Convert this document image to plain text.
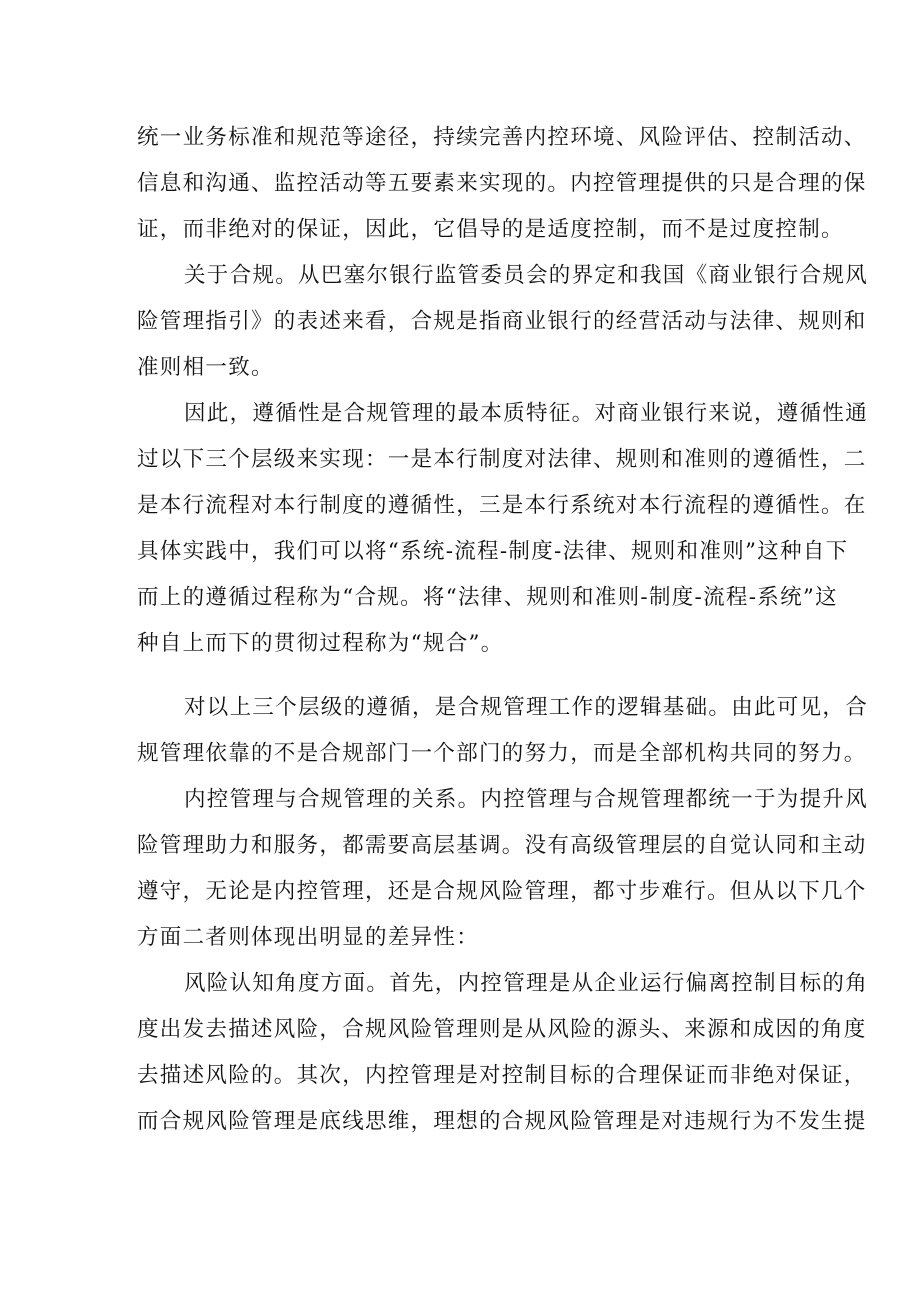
统一业务标准和规范等途径，持续完善内控环境、风险评估、控制活动、
信息和沟通、监控活动等五要素来实现的。内控管理提供的只是合理的保
证，而非绝对的保证，因此，它倡导的是适度控制，而不是过度控制。
关于合规。从巴塞尔银行监管委员会的界定和我国《商业银行合规风
险管理指引》的表述来看，合规是指商业银行的经营活动与法律、规则和
准则相一致。
因此，遵循性是合规管理的最本质特征。对商业银行来说，遵循性通
过以下三个层级来实现：一是本行制度对法律、规则和准则的遵循性，二
是本行流程对本行制度的遵循性，三是本行系统对本行流程的遵循性。在
具体实践中，我们可以将“系统-流程-制度-法律、规则和准则”这种自下
而上的遵循过程称为“合规。将“法律、规则和准则-制度-流程-系统”这
种自上而下的贯彻过程称为“规合”。
对以上三个层级的遵循，是合规管理工作的逻辑基础。由此可见，合
规管理依靠的不是合规部门一个部门的努力，而是全部机构共同的努力。
内控管理与合规管理的关系。内控管理与合规管理都统一于为提升风
险管理助力和服务，都需要高层基调。没有高级管理层的自觉认同和主动
遵守，无论是内控管理，还是合规风险管理，都寸步难行。但从以下几个
方面二者则体现出明显的差异性：
风险认知角度方面。首先，内控管理是从企业运行偏离控制目标的角
度出发去描述风险，合规风险管理则是从风险的源头、来源和成因的角度
去描述风险的。其次，内控管理是对控制目标的合理保证而非绝对保证，
而合规风险管理是底线思维，理想的合规风险管理是对违规行为不发生提
